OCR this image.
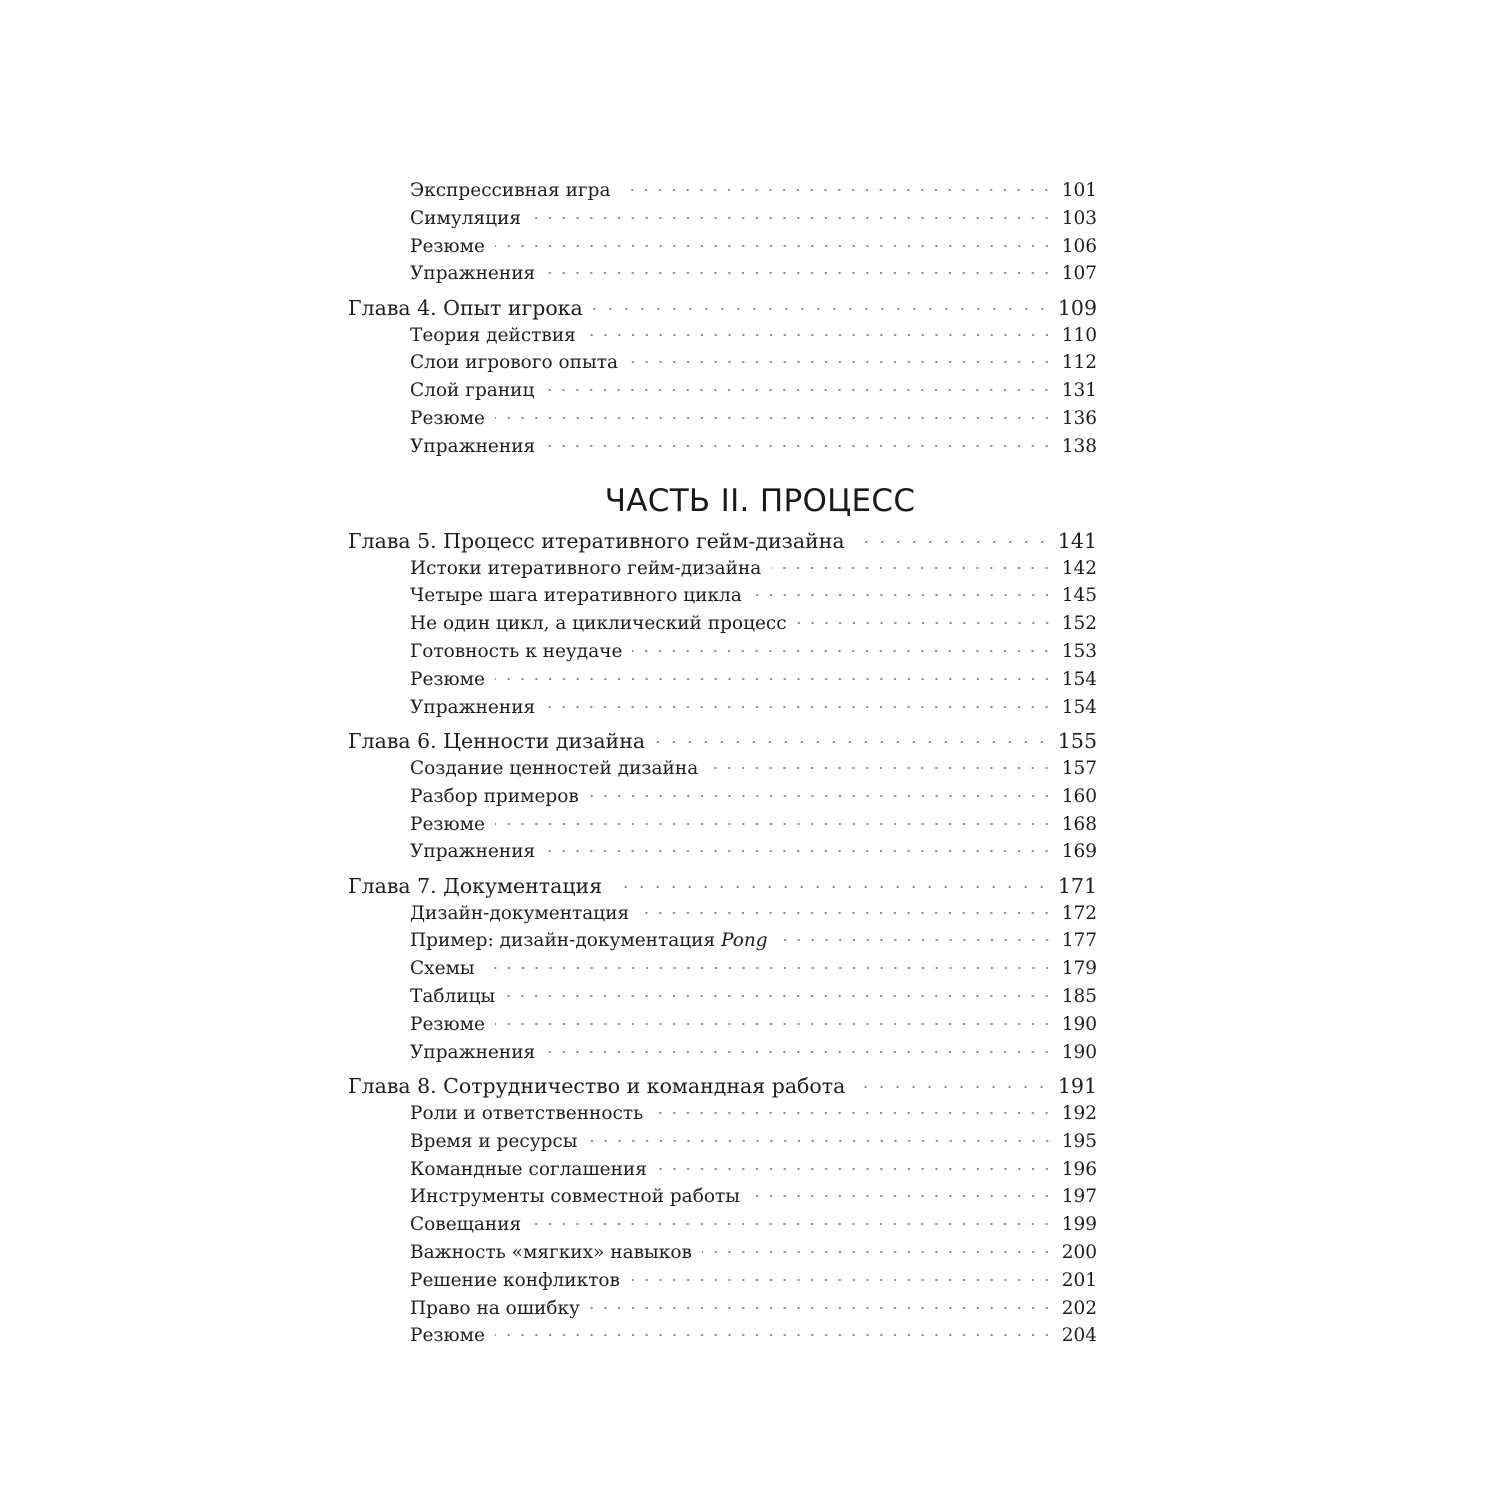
Экспрессивная игра	101
Симуляция	103
Резюме	106
Упражнения	107
Глава 4. Опыт игрока	109
Теория действия	110
Слои игрового опыта	112
Слой границ	131
Резюме	136
Упражнения	138
ЧАСТЬ II. ПРОЦЕСС
Глава 5. Процесс итеративного гейм-дизайна	141
Истоки итеративного гейм-дизайна	142
Четыре шага итеративного цикла	145
Не один цикл, а циклический процесс	152
Готовность к неудаче	153
Резюме	154
Упражнения	154
Глава 6. Ценности дизайна	155
Создание ценностей дизайна	157
Разбор примеров	160
Резюме	168
Упражнения	169
Глава 7. Документация	171
Дизайн-документация	172
Пример: дизайн-документация Pong	177
Схемы	179
Таблицы	185
Резюме	190
Упражнения	190
Глава 8. Сотрудничество и командная работа	191
Роли и ответственность	192
Время и ресурсы	195
Командные соглашения	196
Инструменты совместной работы	197
Совещания	199
Важность «мягких» навыков	200
Решение конфликтов	201
Право на ошибку	202
Резюме	204
